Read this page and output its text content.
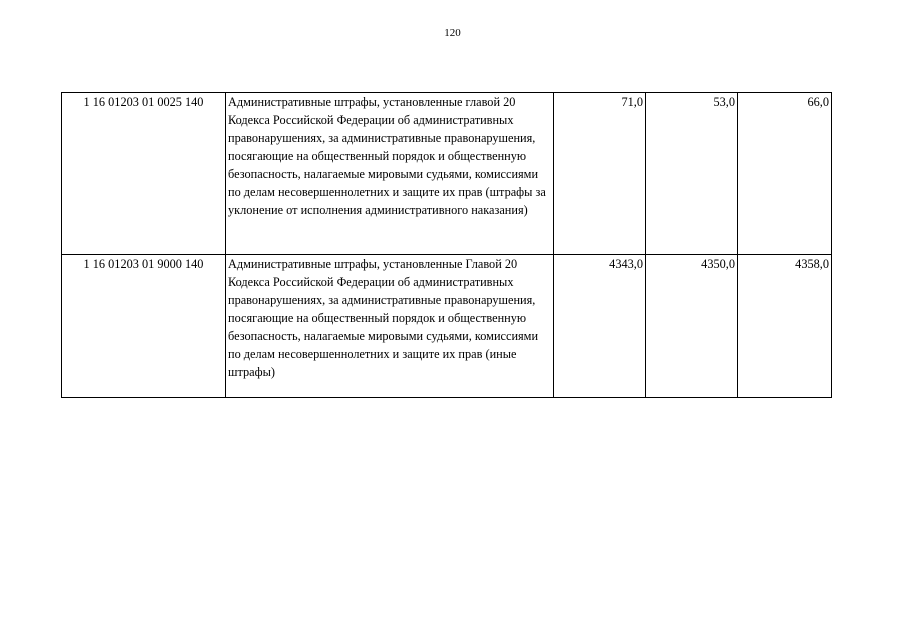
120
1 16 01203 01 0025 140	Административные штрафы, установленные главой 20 Кодекса Российской Федерации об административных правонарушениях, за административные правонарушения, посягающие на общественный порядок и общественную безопасность, налагаемые мировыми судьями, комиссиями по делам несовершеннолетних и защите их прав (штрафы за уклонение от исполнения административного наказания)	71,0	53,0	66,0
1 16 01203 01 9000 140	Административные штрафы, установленные Главой 20 Кодекса Российской Федерации об административных правонарушениях, за административные правонарушения, посягающие на общественный порядок и общественную безопасность, налагаемые мировыми судьями, комиссиями по делам несовершеннолетних и защите их прав (иные штрафы)	4343,0	4350,0	4358,0
